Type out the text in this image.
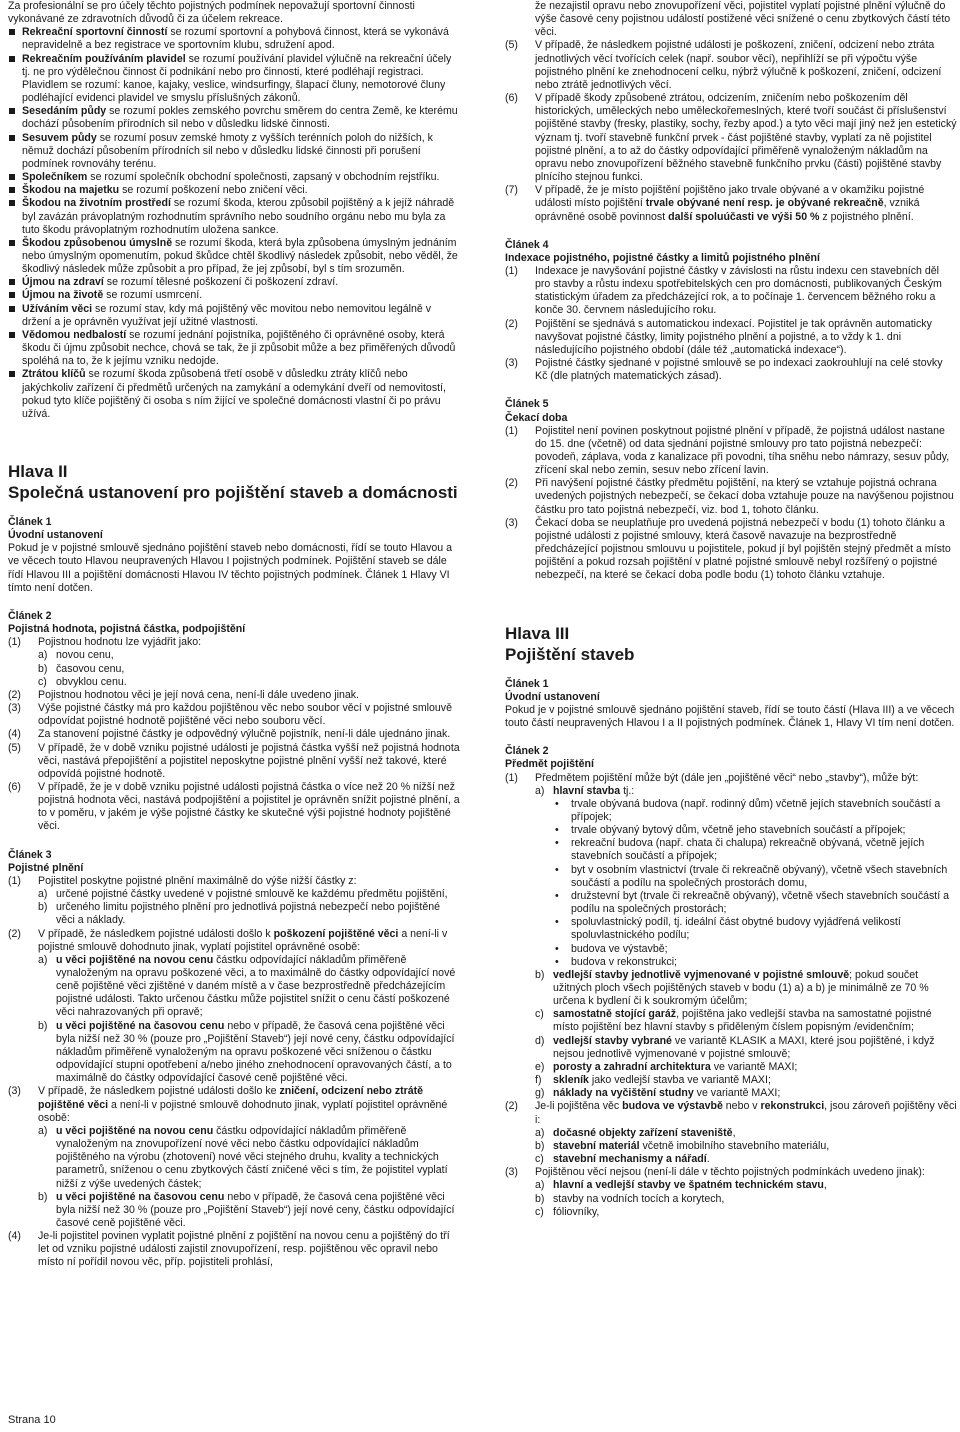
Za profesionální se pro účely těchto pojistných podmínek nepovažují sportovní činnosti vykonávané ze zdravotních důvodů či za účelem rekreace.

Rekreační sportovní činností se rozumí sportovní a pohybová činnost, která se vykonává nepravidelně a bez registrace ve sportovním klubu, sdružení apod.

Rekreačním používáním plavidel se rozumí používání plavidel výlučně na rekreační účely tj. ne pro výdělečnou činnost či podnikání nebo pro činnosti, které podléhají registraci. Plavidlem se rozumí: kanoe, kajaky, veslice, windsurfingy, šlapací čluny, nemotorové čluny podléhající evidenci plavidel ve smyslu příslušných zákonů.

Sesedáním půdy se rozumí pokles zemského povrchu směrem do centra Země, ke kterému dochází působením přírodních sil nebo v důsledku lidské činnosti.

Sesuvem půdy se rozumí posuv zemské hmoty z vyšších terénních poloh do nižších, k němuž dochází působením přírodních sil nebo v důsledku lidské činnosti při porušení podmínek rovnováhy terénu.

Společníkem se rozumí společník obchodní společnosti, zapsaný v obchodním rejstříku.

Škodou na majetku se rozumí poškození nebo zničení věci.

Škodou na životním prostředí se rozumí škoda, kterou způsobil pojištěný a k jejíž náhradě byl zavázán právoplatným rozhodnutím správního nebo soudního orgánu nebo mu byla za tuto škodu právoplatným rozhodnutím uložena sankce.

Škodou způsobenou úmyslně se rozumí škoda, která byla způsobena úmyslným jednáním nebo úmyslným opomenutím, pokud škůdce chtěl škodlivý následek způsobit, nebo věděl, že škodlivý následek může způsobit a pro případ, že jej způsobí, byl s tím srozuměn.

Újmou na zdraví se rozumí tělesné poškození či poškození zdraví.

Újmou na životě se rozumí usmrcení.

Užíváním věci se rozumí stav, kdy má pojištěný věc movitou nebo nemovitou legálně v držení a je oprávněn využívat její užitné vlastnosti.

Vědomou nedbalostí se rozumí jednání pojistníka, pojištěného či oprávněné osoby, která škodu či újmu způsobit nechce, chová se tak, že ji způsobit může a bez přiměřených důvodů spoléhá na to, že k jejímu vzniku nedojde.

Ztrátou klíčů se rozumí škoda způsobená třetí osobě v důsledku ztráty klíčů nebo jakýchkoliv zařízení či předmětů určených na zamykání a odemykání dveří od nemovitostí, pokud tyto klíče pojištěný či osoba s ním žijící ve společné domácnosti vlastní či po právu užívá.

Hlava II

Společná ustanovení pro pojištění staveb a domácnosti

Článek 1

Úvodní ustanovení

Pokud je v pojistné smlouvě sjednáno pojištění staveb nebo domácnosti, řídí se touto Hlavou a ve věcech touto Hlavou neupravených Hlavou I pojistných podmínek. Pojištění staveb se dále řídí Hlavou III a pojištění domácnosti Hlavou IV těchto pojistných podmínek. Článek 1 Hlavy VI tímto není dotčen.

Článek 2

Pojistná hodnota, pojistná částka, podpojištění

(1)	Pojistnou hodnotu lze vyjádřit jako:
a) novou cenu,
b) časovou cenu,
c) obvyklou cenu.
(2)	Pojistnou hodnotou věci je její nová cena, není-li dále uvedeno jinak.
(3)	Výše pojistné částky má pro každou pojištěnou věc nebo soubor věcí v pojistné smlouvě odpovídat pojistné hodnotě pojištěné věci nebo souboru věcí.
(4)	Za stanovení pojistné částky je odpovědný výlučně pojistník, není-li dále ujednáno jinak.
(5)	V případě, že v době vzniku pojistné události je pojistná částka vyšší než pojistná hodnota věci, nastává přepojištění a pojistitel neposkytne pojistné plnění vyšší než takové, které odpovídá pojistné hodnotě.
(6)	V případě, že je v době vzniku pojistné události pojistná částka o více než 20 % nižší než pojistná hodnota věci, nastává podpojištění a pojistitel je oprávněn snížit pojistné plnění, a to v poměru, v jakém je výše pojistné částky ke skutečné výši pojistné hodnoty pojištěné věci.

Článek 3

Pojistné plnění

(1)	Pojistitel poskytne pojistné plnění maximálně do výše nižší částky z:
a) určené pojistné částky uvedené v pojistné smlouvě ke každému předmětu pojištění,
b) určeného limitu pojistného plnění pro jednotlivá pojistná nebezpečí nebo pojištěné věci a náklady.
(2)	V případě, že následkem pojistné události došlo k poškození pojištěné věci a není-li v pojistné smlouvě dohodnuto jinak, vyplatí pojistitel oprávněné osobě:
a) u věci pojištěné na novou cenu částku odpovídající nákladům přiměřeně vynaloženým na opravu poškozené věci, a to maximálně do částky odpovídající nové ceně pojištěné věci zjištěné v daném místě a v čase bezprostředně předcházejícím pojistné události. Takto určenou částku může pojistitel snížit o cenu částí poškozené věci nahrazovaných při opravě;
b) u věci pojištěné na časovou cenu nebo v případě, že časová cena pojištěné věci byla nižší než 30 % (pouze pro „Pojištění Staveb“) její nové ceny, částku odpovídající nákladům přiměřeně vynaloženým na opravu poškozené věci sníženou o částku odpovídající stupni opotřebení a/nebo jiného znehodnocení opravovaných částí, a to maximálně do částky odpovídající časové ceně pojištěné věci.
(3)	V případě, že následkem pojistné události došlo ke zničení, odcizení nebo ztrátě pojištěné věci a není-li v pojistné smlouvě dohodnuto jinak, vyplatí pojistitel oprávněné osobě:
a) u věci pojištěné na novou cenu částku odpovídající nákladům přiměřeně vynaloženým na znovupořízení nové věci nebo částku odpovídající nákladům pojištěného na výrobu (zhotovení) nové věci stejného druhu, kvality a technických parametrů, sníženou o cenu zbytkových částí zničené věci s tím, že pojistitel vyplatí nižší z výše uvedených částek;
b) u věci pojištěné na časovou cenu nebo v případě, že časová cena pojištěné věci byla nižší než 30 % (pouze pro „Pojištění Staveb“) její nové ceny, částku odpovídající časové ceně pojištěné věci.
(4)	Je-li pojistitel povinen vyplatit pojistné plnění z pojištění na novou cenu a pojištěný do tří let od vzniku pojistné události zajistil znovupořízení, resp. pojištěnou věc opravil nebo místo ní pořídil novou věc, příp. pojistiteli prohlásí,

že nezajistil opravu nebo znovupořízení věci, pojistitel vyplatí pojistné plnění výlučně do výše časové ceny pojistnou událostí postižené věci snížené o cenu zbytkových částí této věci.

(5)	V případě, že následkem pojistné události je poškození, zničení, odcizení nebo ztráta jednotlivých věcí tvořících celek (např. soubor věcí), nepřihlíží se při výpočtu výše pojistného plnění ke znehodnocení celku, nýbrž výlučně k poškození, zničení, odcizení nebo ztrátě jednotlivých věcí.
(6)	V případě škody způsobené ztrátou, odcizením, zničením nebo poškozením děl historických, uměleckých nebo uměleckořemeslných, které tvoří součást či příslušenství pojištěné stavby (fresky, plastiky, sochy, řezby apod.) a tyto věci mají jiný než jen estetický význam tj. tvoří stavebně funkční prvek - část pojištěné stavby, vyplatí za ně pojistitel pojistné plnění, a to až do částky odpovídající přiměřeně vynaloženým nákladům na opravu nebo znovupořízení běžného stavebně funkčního prvku (části) pojištěné stavby plnícího stejnou funkci.
(7)	V případě, že je místo pojištění pojištěno jako trvale obývané a v okamžiku pojistné události místo pojištění trvale obývané není resp. je obývané rekreačně, vzniká oprávněné osobě povinnost další spoluúčasti ve výši 50 % z pojistného plnění.

Článek 4

Indexace pojistného, pojistné částky a limitů pojistného plnění

(1)	Indexace je navyšování pojistné částky v závislosti na růstu indexu cen stavebních děl pro stavby a růstu indexu spotřebitelských cen pro domácnosti, publikovaných Českým statistickým úřadem za předcházející rok, a to počínaje 1. červencem běžného roku a konče 30. červnem následujícího roku.
(2)	Pojištění se sjednává s automatickou indexací. Pojistitel je tak oprávněn automaticky navyšovat pojistné částky, limity pojistného plnění a pojistné, a to vždy k 1. dni následujícího pojistného období (dále též „automatická indexace“).
(3)	Pojistné částky sjednané v pojistné smlouvě se po indexaci zaokrouhlují na celé stovky Kč (dle platných matematických zásad).

Článek 5

Čekací doba

(1)	Pojistitel není povinen poskytnout pojistné plnění v případě, že pojistná událost nastane do 15. dne (včetně) od data sjednání pojistné smlouvy pro tato pojistná nebezpečí: povodeň, záplava, voda z kanalizace při povodni, tíha sněhu nebo námrazy, sesuv půdy, zřícení skal nebo zemin, sesuv nebo zřícení lavin.
(2)	Při navýšení pojistné částky předmětu pojištění, na který se vztahuje pojistná ochrana uvedených pojistných nebezpečí, se čekací doba vztahuje pouze na navýšenou pojistnou částku pro tato pojistná nebezpečí, viz. bod 1, tohoto článku.
(3)	Čekací doba se neuplatňuje pro uvedená pojistná nebezpečí v bodu (1) tohoto článku a pojistné události z pojistné smlouvy, která časově navazuje na bezprostředně předcházející pojistnou smlouvu u pojistitele, pokud jí byl pojištěn stejný předmět a místo pojištění a pokud rozsah pojištění v platné pojistné smlouvě nebyl rozšířený o pojistné nebezpečí, na které se čekací doba podle bodu (1) tohoto článku vztahuje.

Hlava III

Pojištění staveb

Článek 1

Úvodní ustanovení

Pokud je v pojistné smlouvě sjednáno pojištění staveb, řídí se touto částí (Hlava III) a ve věcech touto částí neupravených Hlavou I a II pojistných podmínek. Článek 1, Hlavy VI tím není dotčen.

Článek 2

Předmět pojištění

(1)	Předmětem pojištění může být (dále jen „pojištěné věci“ nebo „stavby“), může být:
a) hlavní stavba tj.:
•	trvale obývaná budova (např. rodinný dům) včetně jejích stavebních součástí a přípojek;
•	trvale obývaný bytový dům, včetně jeho stavebních součástí a přípojek;
•	rekreační budova (např. chata či chalupa) rekreačně obývaná, včetně jejích stavebních součástí a přípojek;
•	byt v osobním vlastnictví (trvale či rekreačně obývaný), včetně všech stavebních součástí a podílu na společných prostorách domu,
•	družstevní byt (trvale či rekreačně obývaný), včetně všech stavebních součástí a podílu na společných prostorách;
•	spoluvlastnický podíl, tj. ideální část obytné budovy vyjádřená velikostí spoluvlastnického podílu;
•	budova ve výstavbě;
•	budova v rekonstrukci;
b) vedlejší stavby jednotlivě vyjmenované v pojistné smlouvě; pokud součet užitných ploch všech pojištěných staveb v bodu (1) a) a b) je minimálně ze 70 % určena k bydlení či k soukromým účelům;
c) samostatně stojící garáž, pojištěna jako vedlejší stavba na samostatné pojistné místo pojištění bez hlavní stavby s přiděleným číslem popisným /evidenčním;
d) vedlejší stavby vybrané ve variantě KLASIK a MAXI, které jsou pojištěné, i když nejsou jednotlivě vyjmenované v pojistné smlouvě;
e) porosty a zahradní architektura ve variantě MAXI;
f)	skleník jako vedlejší stavba ve variantě MAXI;
g) náklady na vyčištění studny ve variantě MAXI;
(2)	Je-li pojištěna věc budova ve výstavbě nebo v rekonstrukci, jsou zároveň pojištěny věci i:
a) dočasné objekty zařízení staveniště,
b) stavební materiál včetně imobilního stavebního materiálu,
c) stavební mechanismy a nářadí.
(3)	Pojištěnou věcí nejsou (není-li dále v těchto pojistných podmínkách uvedeno jinak):
a) hlavní a vedlejší stavby ve špatném technickém stavu,
b) stavby na vodních tocích a korytech,
c) fóliovníky,
Strana 10
